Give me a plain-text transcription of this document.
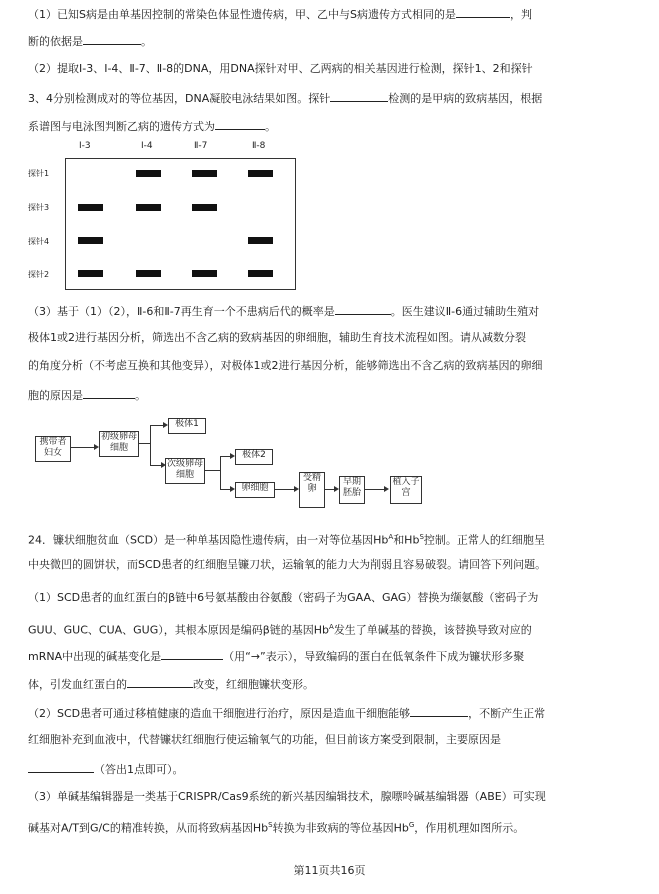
（1）已知S病是由单基因控制的常染色体显性遗传病，甲、乙中与S病遗传方式相同的是	，判
断的依据是	。
（2）提取Ⅰ-3、Ⅰ-4、Ⅱ-7、Ⅱ-8的DNA，用DNA探针对甲、乙两病的相关基因进行检测，探针1、2和探针
3、4分别检测成对的等位基因，DNA凝胶电泳结果如图。探针	检测的是甲病的致病基因，根据
系谱图与电泳图判断乙病的遗传方式为	。
Ⅰ-3	Ⅰ-4	Ⅱ-7	Ⅱ-8
探针1
探针3
探针4
探针2
（3）基于（1）（2），Ⅱ-6和Ⅱ-7再生育一个不患病后代的概率是	。医生建议Ⅱ-6通过辅助生殖对
极体1或2进行基因分析，筛选出不含乙病的致病基因的卵细胞，辅助生育技术流程如图。请从减数分裂
的角度分析（不考虑互换和其他变异），对极体1或2进行基因分析，能够筛选出不含乙病的致病基因的卵细
胞的原因是	。
携带者妇女
初级卵母细胞
极体1
次级卵母细胞
极体2
卵细胞
受精卵
早期胚胎
植入子宫
24．镰状细胞贫血（SCD）是一种单基因隐性遗传病，由一对等位基因$Hb^A$和$Hb^S$控制。正常人的红细胞呈
中央微凹的圆饼状，而SCD患者的红细胞呈镰刀状，运输氧的能力大为削弱且容易破裂。请回答下列问题。
（1）SCD患者的血红蛋白的β链中6号氨基酸由谷氨酸（密码子为GAA、GAG）替换为缬氨酸（密码子为
GUU、GUC、CUA、GUG），其根本原因是编码β链的基因$Hb^A$发生了单碱基的替换，该替换导致对应的
mRNA中出现的碱基变化是	（用“→”表示），导致编码的蛋白在低氧条件下成为镰状形多聚
体，引发血红蛋白的	改变，红细胞镰状变形。
（2）SCD患者可通过移植健康的造血干细胞进行治疗，原因是造血干细胞能够	，不断产生正常
红细胞补充到血液中，代替镰状红细胞行使运输氧气的功能，但目前该方案受到限制，主要原因是
（答出1点即可）。
（3）单碱基编辑器是一类基于CRISPR/Cas9系统的新兴基因编辑技术，腺嘌呤碱基编辑器（ABE）可实现
碱基对A/T到G/C的精准转换，从而将致病基因$Hb^S$转换为非致病的等位基因$Hb^G$，作用机理如图所示。
第11页共16页
